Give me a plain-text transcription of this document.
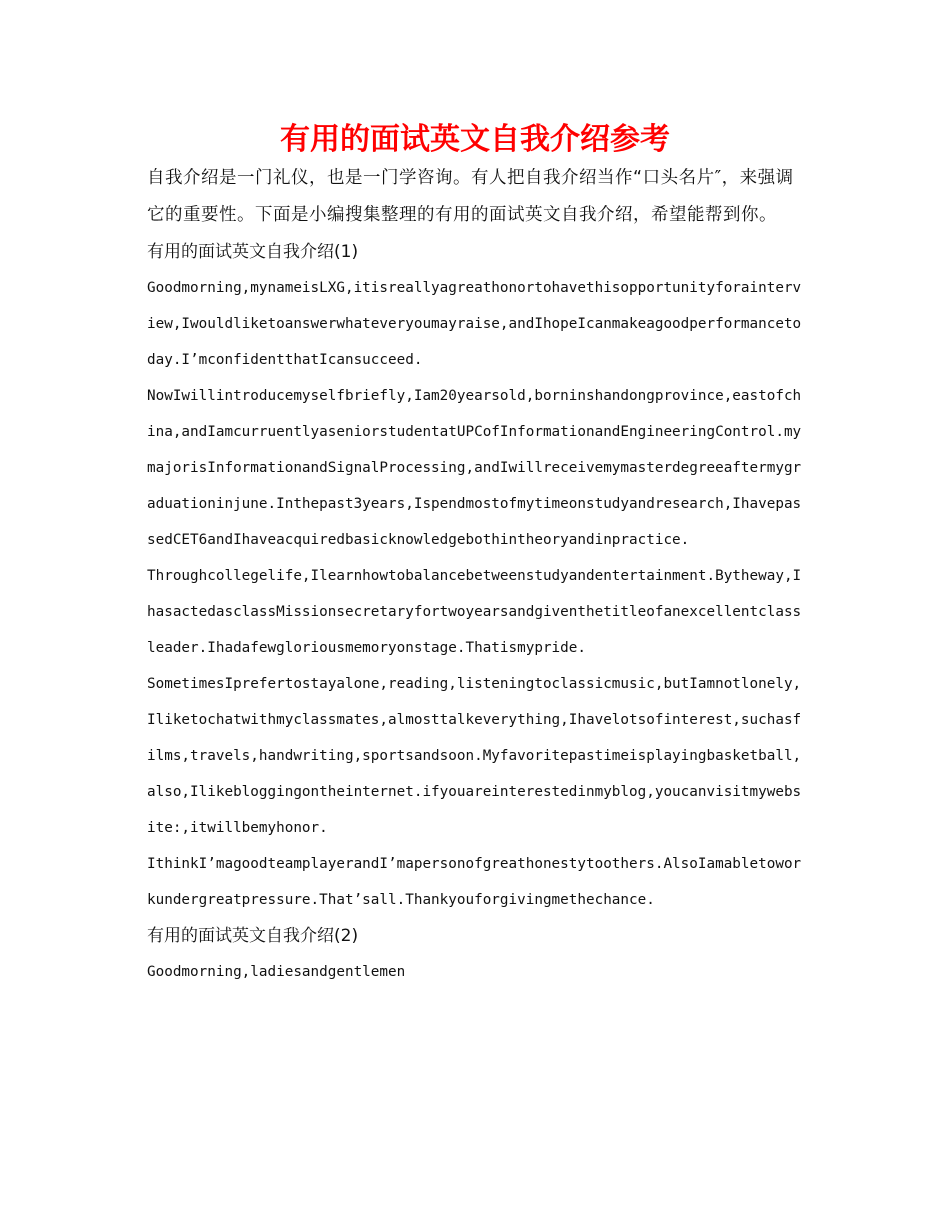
有用的面试英文自我介绍参考

自我介绍是一门礼仪，也是一门学咨询。有人把自我介绍当作“口头名片″，来强调它的重要性。下面是小编搜集整理的有用的面试英文自我介绍，希望能帮到你。

有用的面试英文自我介绍(1)

Goodmorning,mynameisLXG,itisreallyagreathonortohavethisopportunityforainterview,Iwouldliketoanswerwhateveryoumayraise,andIhopeIcanmakeagoodperformancetoday.I’mconfidentthatIcansucceed.

NowIwillintroducemyselfbriefly,Iam20yearsold,borninshandongprovince,eastofchina,andIamcurruentlyaseniorstudentatUPCofInformationandEngineeringControl.mymajorisInformationandSignalProcessing,andIwillreceivemymasterdegreeaftermygraduationinjune.Inthepast3years,Ispendmostofmytimeonstudyandresearch,IhavepassedCET6andIhaveacquiredbasicknowledgebothintheoryandinpractice.

Throughcollegelife,Ilearnhowtobalancebetweenstudyandentertainment.Bytheway,IhasactedasclassMissionsecretaryfortwoyearsandgiventhetitleofanexcellentclassleader.Ihadafewgloriousmemoryonstage.Thatismypride.

SometimesIprefertostayalone,reading,listeningtoclassicmusic,butIamnotlonely,Iliketochatwithmyclassmates,almosttalkeverything,Ihavelotsofinterest,suchasfilms,travels,handwriting,sportsandsoon.Myfavoritepastimeisplayingbasketball,also,Ilikebloggingontheinternet.ifyouareinterestedinmyblog,youcanvisitmywebsite:,itwillbemyhonor.

IthinkI’magoodteamplayerandI’mapersonofgreathonestytoothers.AlsoIamabletoworkundergreatpressure.That’sall.Thankyouforgivingmethechance.

有用的面试英文自我介绍(2)

Goodmorning,ladiesandgentlemen
